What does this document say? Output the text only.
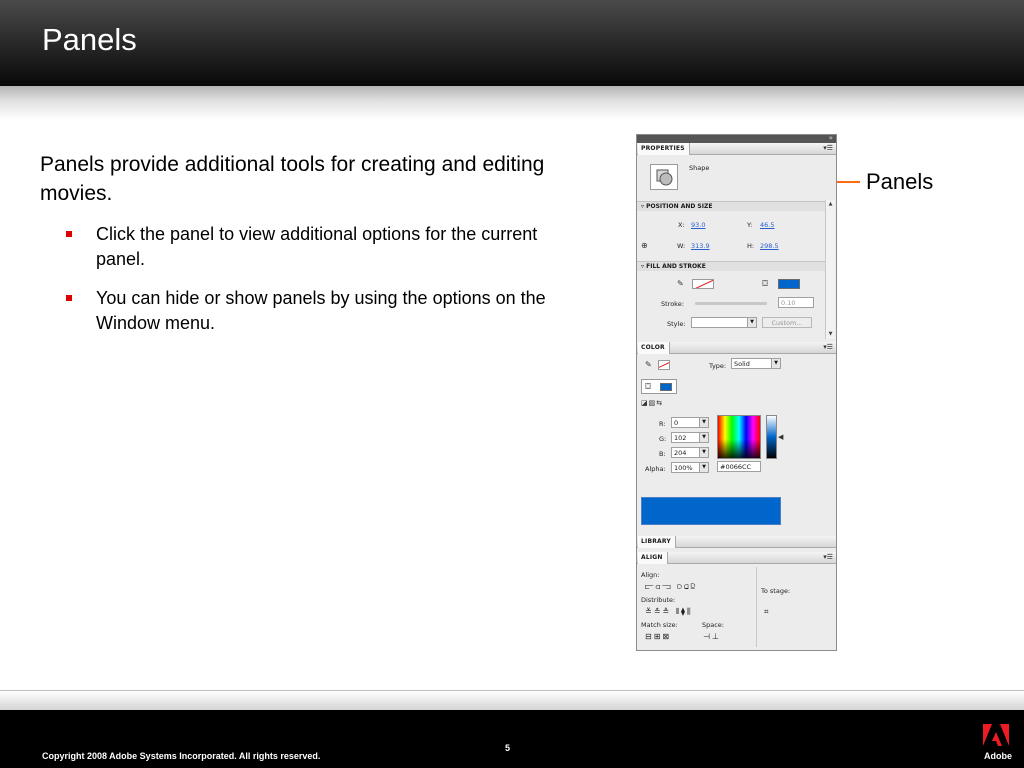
Panels
Panels provide additional tools for creating and editing movies.
Click the panel to view additional options for the current panel.
You can hide or show panels by using the options on the Window menu.
Panels
»
PROPERTIES	▾☰
Shape
▿ POSITION AND SIZE
X: 93.0	Y: 46.5
⊕	W: 313.9	H: 298.5
▿ FILL AND STROKE
✎	⛋
Stroke:	0.10
Style:	▼	Custom...
▲
▼
COLOR	▾☰
✎	Type:	Solid	▼
⛋
◪▨⇆
R:	0	▼
G:	102	▼
B:	204	▼
Alpha:	100%	▼
◀
#0066CC
LIBRARY
ALIGN	▾☰
Align:
⫍⫏⫎ ⫐⫑⫒
Distribute:
≚≛≙ ⫴⧫⫼
Match size:	Space:
⊟⊞⊠	⊣⊥
To stage:
⌗
Copyright 2008 Adobe Systems Incorporated. All rights reserved.
5
Adobe
